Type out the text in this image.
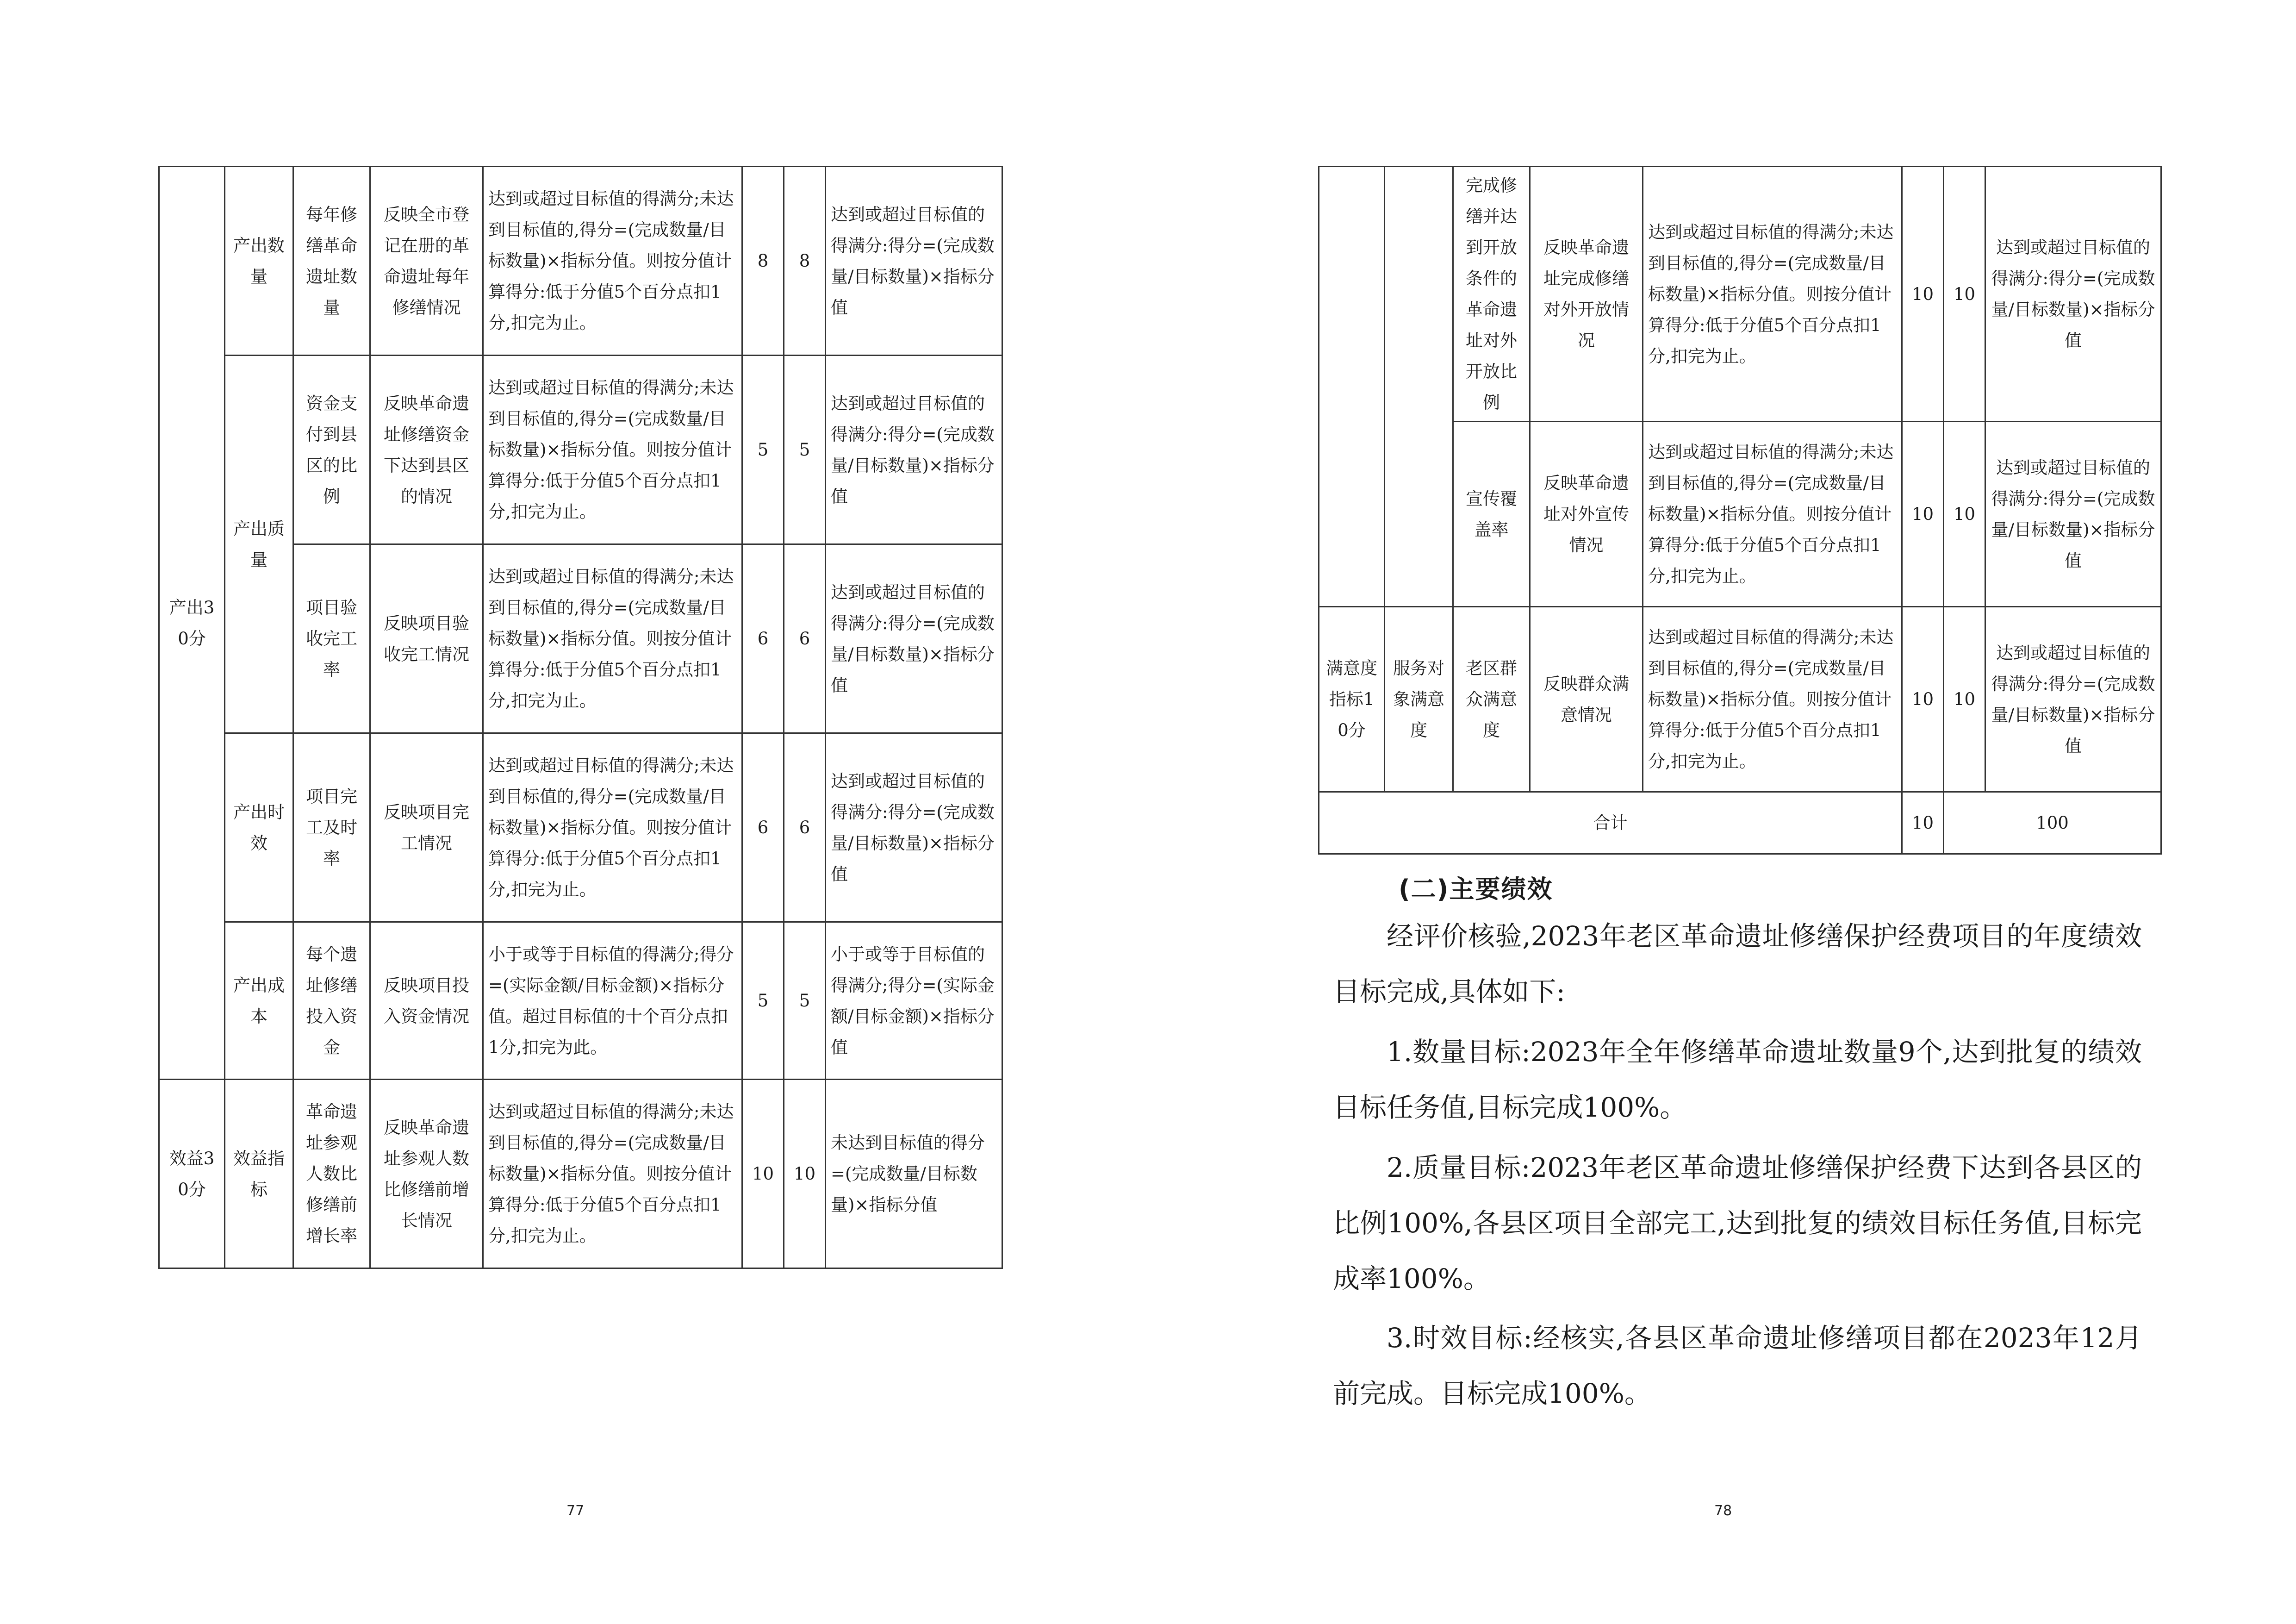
产出30分	产出数量	每年修缮革命遗址数量	反映全市登记在册的革命遗址每年修缮情况	达到或超过目标值的得满分;未达到目标值的,得分=(完成数量/目标数量)×指标分值。则按分值计算得分:低于分值5个百分点扣1分,扣完为止。	8	8	达到或超过目标值的得满分:得分=(完成数量/目标数量)×指标分值
	产出质量	资金支付到县区的比例	反映革命遗址修缮资金下达到县区的情况	达到或超过目标值的得满分;未达到目标值的,得分=(完成数量/目标数量)×指标分值。则按分值计算得分:低于分值5个百分点扣1分,扣完为止。	5	5	达到或超过目标值的得满分:得分=(完成数量/目标数量)×指标分值
		项目验收完工率	反映项目验收完工情况	达到或超过目标值的得满分;未达到目标值的,得分=(完成数量/目标数量)×指标分值。则按分值计算得分:低于分值5个百分点扣1分,扣完为止。	6	6	达到或超过目标值的得满分:得分=(完成数量/目标数量)×指标分值
	产出时效	项目完工及时率	反映项目完工情况	达到或超过目标值的得满分;未达到目标值的,得分=(完成数量/目标数量)×指标分值。则按分值计算得分:低于分值5个百分点扣1分,扣完为止。	6	6	达到或超过目标值的得满分:得分=(完成数量/目标数量)×指标分值
	产出成本	每个遗址修缮投入资金	反映项目投入资金情况	小于或等于目标值的得满分;得分=(实际金额/目标金额)×指标分值。超过目标值的十个百分点扣1分,扣完为此。	5	5	小于或等于目标值的得满分;得分=(实际金额/目标金额)×指标分值
效益30分	效益指标	革命遗址参观人数比修缮前增长率	反映革命遗址参观人数比修缮前增长情况	达到或超过目标值的得满分;未达到目标值的,得分=(完成数量/目标数量)×指标分值。则按分值计算得分:低于分值5个百分点扣1分,扣完为止。	10	10	未达到目标值的得分=(完成数量/目标数量)×指标分值
77
		完成修缮并达到开放条件的革命遗址对外开放比例	反映革命遗址完成修缮对外开放情况	达到或超过目标值的得满分;未达到目标值的,得分=(完成数量/目标数量)×指标分值。则按分值计算得分:低于分值5个百分点扣1分,扣完为止。	10	10	达到或超过目标值的得满分:得分=(完成数量/目标数量)×指标分值
		宣传覆盖率	反映革命遗址对外宣传情况	达到或超过目标值的得满分;未达到目标值的,得分=(完成数量/目标数量)×指标分值。则按分值计算得分:低于分值5个百分点扣1分,扣完为止。	10	10	达到或超过目标值的得满分:得分=(完成数量/目标数量)×指标分值
满意度指标10分	服务对象满意度	老区群众满意度	反映群众满意情况	达到或超过目标值的得满分;未达到目标值的,得分=(完成数量/目标数量)×指标分值。则按分值计算得分:低于分值5个百分点扣1分,扣完为止。	10	10	达到或超过目标值的得满分:得分=(完成数量/目标数量)×指标分值
合计					10	100	
(二)主要绩效

经评价核验,2023年老区革命遗址修缮保护经费项目的年度绩效目标完成,具体如下:

1.数量目标:2023年全年修缮革命遗址数量9个,达到批复的绩效目标任务值,目标完成100%。

2.质量目标:2023年老区革命遗址修缮保护经费下达到各县区的比例100%,各县区项目全部完工,达到批复的绩效目标任务值,目标完成率100%。

3.时效目标:经核实,各县区革命遗址修缮项目都在2023年12月前完成。目标完成100%。

78
